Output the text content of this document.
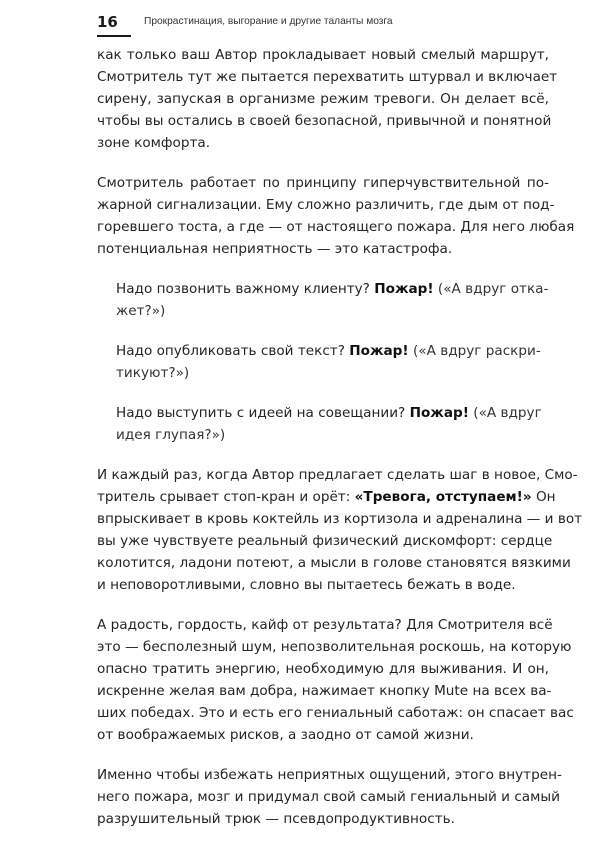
16	Прокрастинация, выгорание и другие таланты мозга

как только ваш Автор прокладывает новый смелый маршрут,
Смотритель тут же пытается перехватить штурвал и включает
сирену, запуская в организме режим тревоги. Он делает всё,
чтобы вы остались в своей безопасной, привычной и понятной
зоне комфорта.

Смотритель работает по принципу гиперчувствительной по-
жарной сигнализации. Ему сложно различить, где дым от под-
горевшего тоста, а где — от настоящего пожара. Для него любая
потенциальная неприятность — это катастрофа.

Надо позвонить важному клиенту? Пожар! («А вдруг отка-
жет?»)
Надо опубликовать свой текст? Пожар! («А вдруг раскри-
тикуют?»)
Надо выступить с идеей на совещании? Пожар! («А вдруг
идея глупая?»)

И каждый раз, когда Автор предлагает сделать шаг в новое, Смо-
тритель срывает стоп-кран и орёт: «Тревога, отступаем!» Он
впрыскивает в кровь коктейль из кортизола и адреналина — и вот
вы уже чувствуете реальный физический дискомфорт: сердце
колотится, ладони потеют, а мысли в голове становятся вязкими
и неповоротливыми, словно вы пытаетесь бежать в воде.

А радость, гордость, кайф от результата? Для Смотрителя всё
это — бесполезный шум, непозволительная роскошь, на которую
опасно тратить энергию, необходимую для выживания. И он,
искренне желая вам добра, нажимает кнопку Mute на всех ва-
ших победах. Это и есть его гениальный саботаж: он спасает вас
от воображаемых рисков, а заодно от самой жизни.

Именно чтобы избежать неприятных ощущений, этого внутрен-
него пожара, мозг и придумал свой самый гениальный и самый
разрушительный трюк — псевдопродуктивность.
